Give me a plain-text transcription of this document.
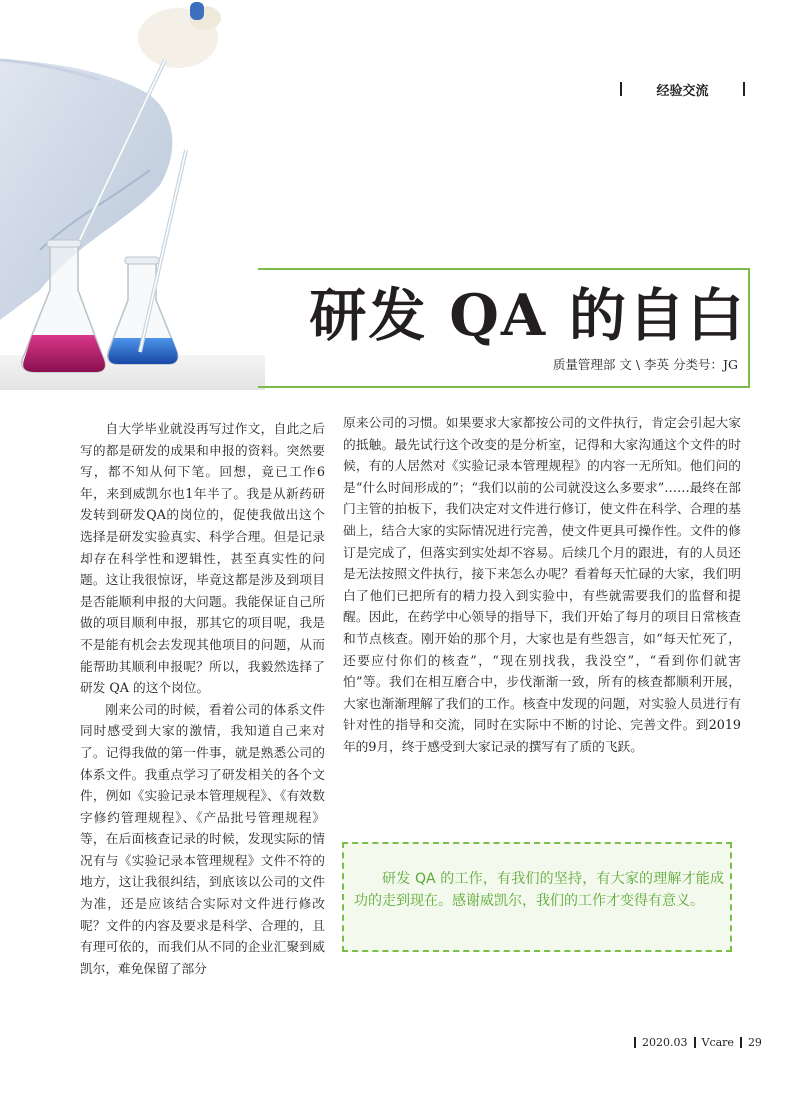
经验交流
研发 QA 的自白
质量管理部 文 \ 李英 分类号：JG

自大学毕业就没再写过作文，自此之后写的都是研发的成果和申报的资料。突然要写，都不知从何下笔。回想，竟已工作6年，来到威凯尔也1年半了。我是从新药研发转到研发QA的岗位的，促使我做出这个选择是研发实验真实、科学合理。但是记录却存在科学性和逻辑性，甚至真实性的问题。这让我很惊讶，毕竟这都是涉及到项目是否能顺利申报的大问题。我能保证自己所做的项目顺利申报，那其它的项目呢，我是不是能有机会去发现其他项目的问题，从而能帮助其顺利申报呢？所以，我毅然选择了研发 QA 的这个岗位。

刚来公司的时候，看着公司的体系文件同时感受到大家的激情，我知道自己来对了。记得我做的第一件事，就是熟悉公司的体系文件。我重点学习了研发相关的各个文件，例如《实验记录本管理规程》、《有效数字修约管理规程》、《产品批号管理规程》等，在后面核查记录的时候，发现实际的情况有与《实验记录本管理规程》文件不符的地方，这让我很纠结，到底该以公司的文件为准，还是应该结合实际对文件进行修改呢？文件的内容及要求是科学、合理的，且有理可依的，而我们从不同的企业汇聚到威凯尔，难免保留了部分

原来公司的习惯。如果要求大家都按公司的文件执行，肯定会引起大家的抵触。最先试行这个改变的是分析室，记得和大家沟通这个文件的时候，有的人居然对《实验记录本管理规程》的内容一无所知。他们问的是“什么时间形成的”；“我们以前的公司就没这么多要求”……最终在部门主管的拍板下，我们决定对文件进行修订，使文件在科学、合理的基础上，结合大家的实际情况进行完善，使文件更具可操作性。文件的修订是完成了，但落实到实处却不容易。后续几个月的跟进，有的人员还是无法按照文件执行，接下来怎么办呢？看着每天忙碌的大家，我们明白了他们已把所有的精力投入到实验中，有些就需要我们的监督和提醒。因此，在药学中心领导的指导下，我们开始了每月的项目日常核查和节点核查。刚开始的那个月，大家也是有些怨言，如“每天忙死了，还要应付你们的核查”，“现在别找我，我没空”，“看到你们就害怕”等。我们在相互磨合中，步伐渐渐一致，所有的核查都顺利开展，大家也渐渐理解了我们的工作。核查中发现的问题，对实验人员进行有针对性的指导和交流，同时在实际中不断的讨论、完善文件。到2019年的9月，终于感受到大家记录的撰写有了质的飞跃。

研发 QA 的工作，有我们的坚持，有大家的理解才能成功的走到现在。感谢威凯尔，我们的工作才变得有意义。
2020.03 Vcare 29
